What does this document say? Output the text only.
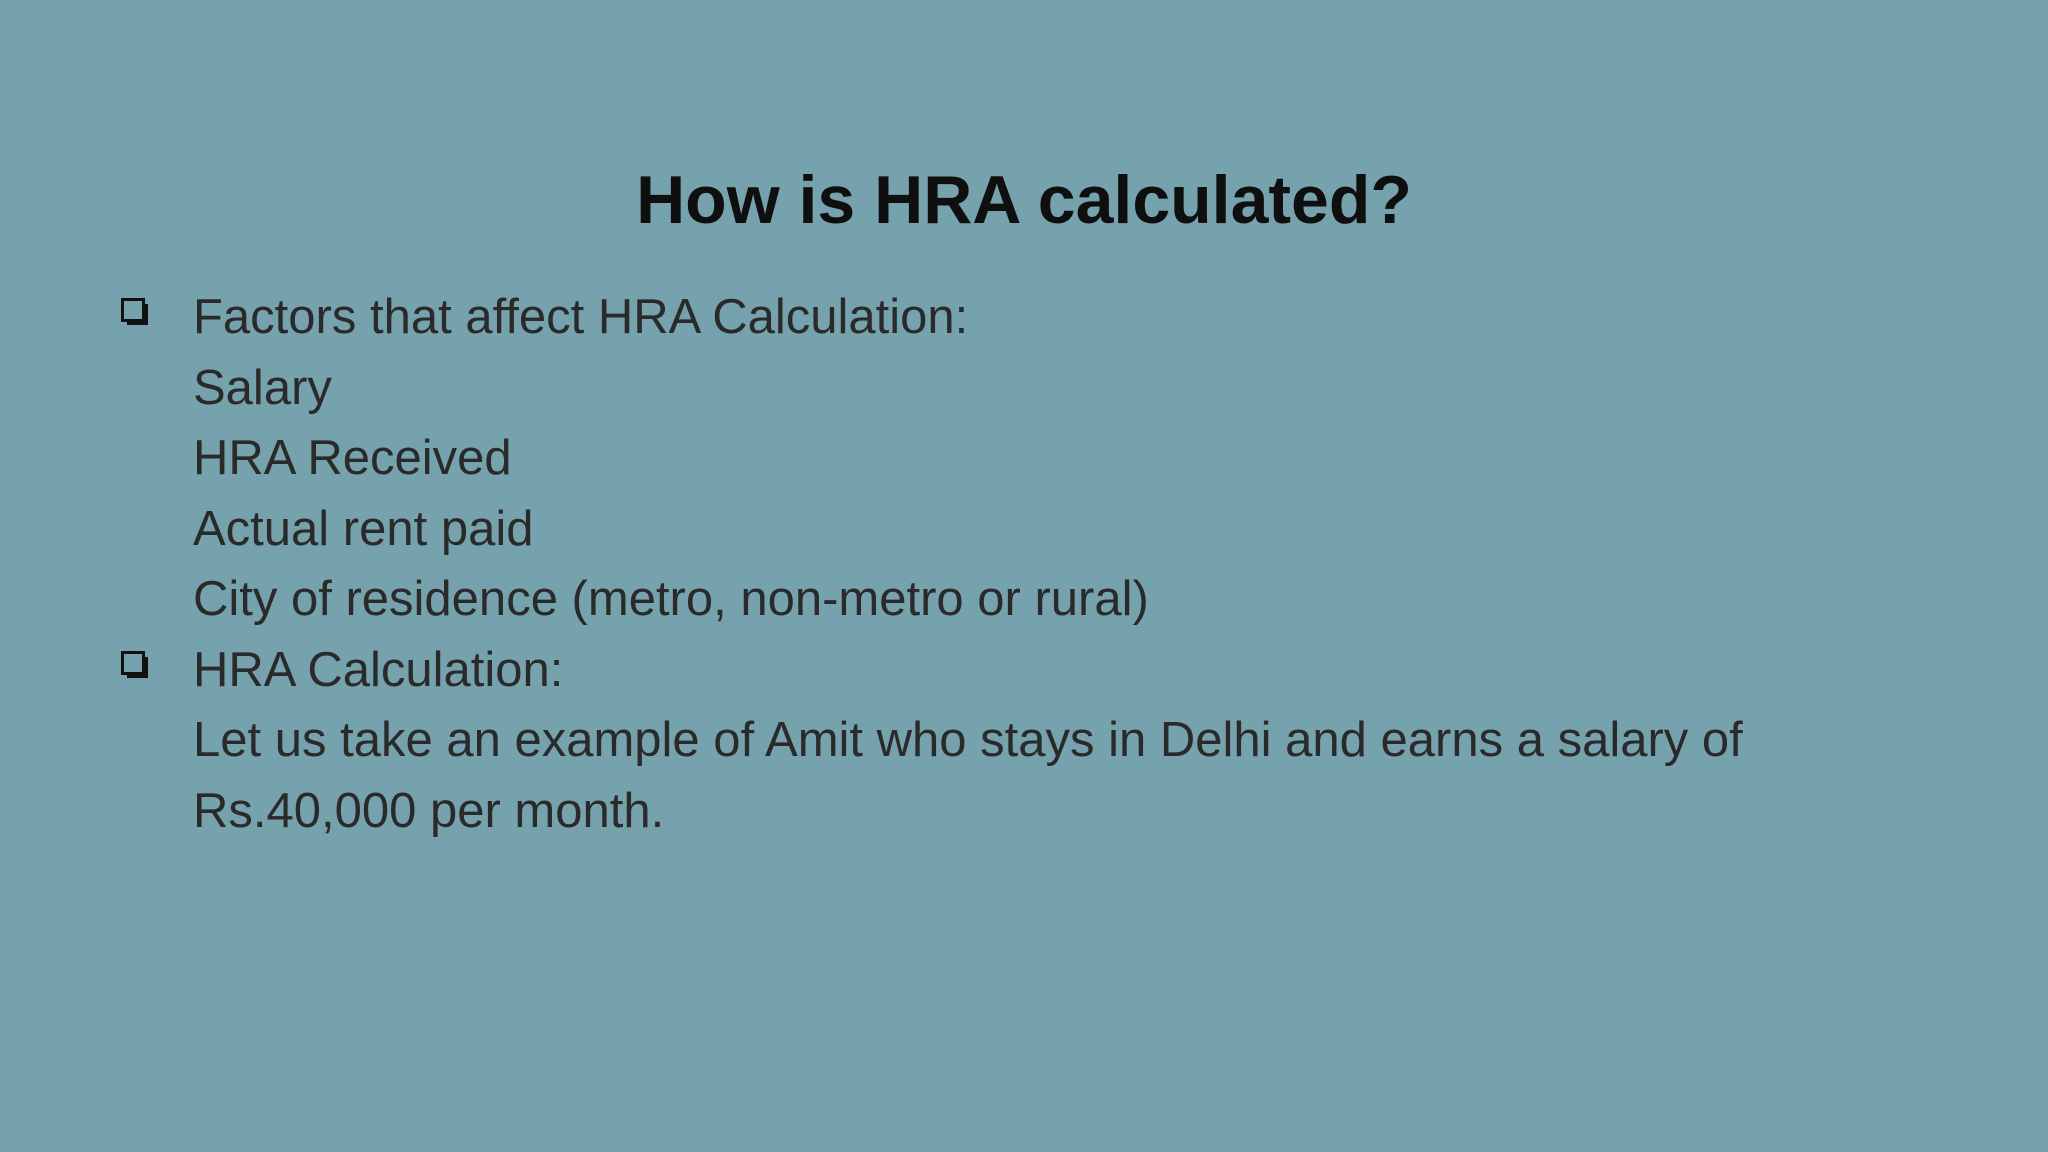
How is HRA calculated?
Factors that affect HRA Calculation:
Salary
HRA Received
Actual rent paid
City of residence (metro, non-metro or rural)
HRA Calculation:
Let us take an example of Amit who stays in Delhi and earns a salary of
Rs.40,000 per month.
